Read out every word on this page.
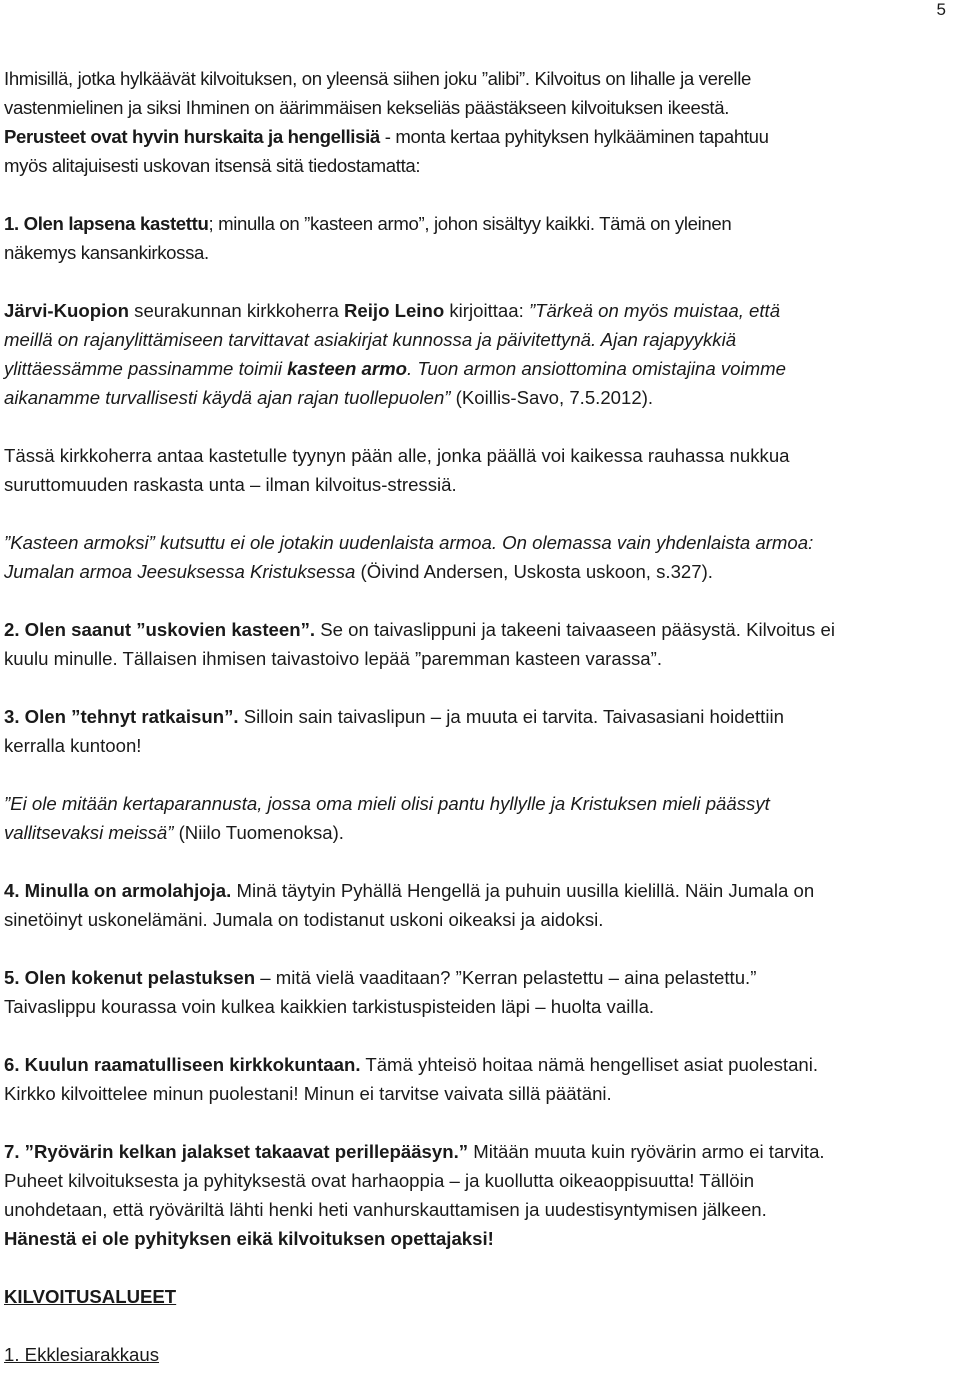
5

Ihmisillä, jotka hylkäävät kilvoituksen, on yleensä siihen joku ”alibi”. Kilvoitus on lihalle ja verelle
vastenmielinen ja siksi Ihminen on äärimmäisen kekseliäs päästäkseen kilvoituksen ikeestä.
Perusteet ovat hyvin hurskaita ja hengellisiä - monta kertaa pyhityksen hylkääminen tapahtuu
myös alitajuisesti uskovan itsensä sitä tiedostamatta:

1. Olen lapsena kastettu; minulla on ”kasteen armo”, johon sisältyy kaikki. Tämä on yleinen
näkemys kansankirkossa.

Järvi-Kuopion seurakunnan kirkkoherra Reijo Leino kirjoittaa: ”Tärkeä on myös muistaa, että
meillä on rajanylittämiseen tarvittavat asiakirjat kunnossa ja päivitettynä. Ajan rajapyykkiä
ylittäessämme passinamme toimii kasteen armo. Tuon armon ansiottomina omistajina voimme
aikanamme turvallisesti käydä ajan rajan tuollepuolen” (Koillis-Savo, 7.5.2012).

Tässä kirkkoherra antaa kastetulle tyynyn pään alle, jonka päällä voi kaikessa rauhassa nukkua
suruttomuuden raskasta unta – ilman kilvoitus-stressiä.

”Kasteen armoksi” kutsuttu ei ole jotakin uudenlaista armoa. On olemassa vain yhdenlaista armoa:
Jumalan armoa Jeesuksessa Kristuksessa (Öivind Andersen, Uskosta uskoon, s.327).

2. Olen saanut ”uskovien kasteen”. Se on taivaslippuni ja takeeni taivaaseen pääsystä. Kilvoitus ei
kuulu minulle. Tällaisen ihmisen taivastoivo lepää ”paremman kasteen varassa”.

3. Olen ”tehnyt ratkaisun”. Silloin sain taivaslipun – ja muuta ei tarvita. Taivasasiani hoidettiin
kerralla kuntoon!

”Ei ole mitään kertaparannusta, jossa oma mieli olisi pantu hyllylle ja Kristuksen mieli päässyt
vallitsevaksi meissä” (Niilo Tuomenoksa).

4. Minulla on armolahjoja. Minä täytyin Pyhällä Hengellä ja puhuin uusilla kielillä. Näin Jumala on
sinetöinyt uskonelämäni. Jumala on todistanut uskoni oikeaksi ja aidoksi.

5. Olen kokenut pelastuksen – mitä vielä vaaditaan? ”Kerran pelastettu – aina pelastettu.”
Taivaslippu kourassa voin kulkea kaikkien tarkistuspisteiden läpi – huolta vailla.

6. Kuulun raamatulliseen kirkkokuntaan. Tämä yhteisö hoitaa nämä hengelliset asiat puolestani.
Kirkko kilvoittelee minun puolestani! Minun ei tarvitse vaivata sillä päätäni.

7. ”Ryövärin kelkan jalakset takaavat perillepääsyn.” Mitään muuta kuin ryövärin armo ei tarvita.
Puheet kilvoituksesta ja pyhityksestä ovat harhaoppia – ja kuollutta oikeaoppisuutta! Tällöin
unohdetaan, että ryöväriltä lähti henki heti vanhurskauttamisen ja uudestisyntymisen jälkeen.
Hänestä ei ole pyhityksen eikä kilvoituksen opettajaksi!

KILVOITUSALUEET

1. Ekklesiarakkaus
